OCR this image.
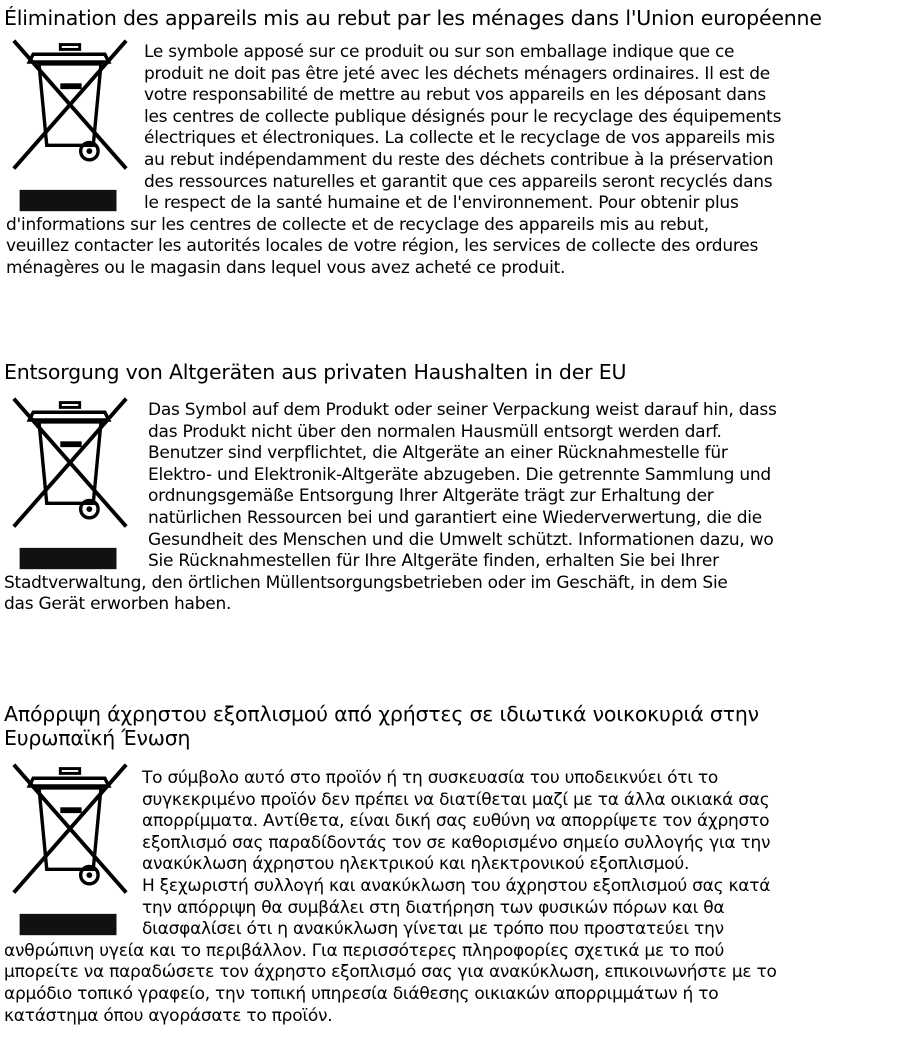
Élimination des appareils mis au rebut par les ménages dans l'Union européenne
Le symbole apposé sur ce produit ou sur son emballage indique que ce
produit ne doit pas être jeté avec les déchets ménagers ordinaires. Il est de
votre responsabilité de mettre au rebut vos appareils en les déposant dans
les centres de collecte publique désignés pour le recyclage des équipements
électriques et électroniques. La collecte et le recyclage de vos appareils mis
au rebut indépendamment du reste des déchets contribue à la préservation
des ressources naturelles et garantit que ces appareils seront recyclés dans
le respect de la santé humaine et de l'environnement. Pour obtenir plus
d'informations sur les centres de collecte et de recyclage des appareils mis au rebut,
veuillez contacter les autorités locales de votre région, les services de collecte des ordures
ménagères ou le magasin dans lequel vous avez acheté ce produit.
Entsorgung von Altgeräten aus privaten Haushalten in der EU
Das Symbol auf dem Produkt oder seiner Verpackung weist darauf hin, dass
das Produkt nicht über den normalen Hausmüll entsorgt werden darf.
Benutzer sind verpflichtet, die Altgeräte an einer Rücknahmestelle für
Elektro- und Elektronik-Altgeräte abzugeben. Die getrennte Sammlung und
ordnungsgemäße Entsorgung Ihrer Altgeräte trägt zur Erhaltung der
natürlichen Ressourcen bei und garantiert eine Wiederverwertung, die die
Gesundheit des Menschen und die Umwelt schützt. Informationen dazu, wo
Sie Rücknahmestellen für Ihre Altgeräte finden, erhalten Sie bei Ihrer
Stadtverwaltung, den örtlichen Müllentsorgungsbetrieben oder im Geschäft, in dem Sie
das Gerät erworben haben.
Απόρριψη άχρηστου εξοπλισμού από χρήστες σε ιδιωτικά νοικοκυριά στην
Ευρωπαϊκή Ένωση
Το σύμβολο αυτό στο προϊόν ή τη συσκευασία του υποδεικνύει ότι το
συγκεκριμένο προϊόν δεν πρέπει να διατίθεται μαζί με τα άλλα οικιακά σας
απορρίμματα. Αντίθετα, είναι δική σας ευθύνη να απορρίψετε τον άχρηστο
εξοπλισμό σας παραδίδοντάς τον σε καθορισμένο σημείο συλλογής για την
ανακύκλωση άχρηστου ηλεκτρικού και ηλεκτρονικού εξοπλισμού.
Η ξεχωριστή συλλογή και ανακύκλωση του άχρηστου εξοπλισμού σας κατά
την απόρριψη θα συμβάλει στη διατήρηση των φυσικών πόρων και θα
διασφαλίσει ότι η ανακύκλωση γίνεται με τρόπο που προστατεύει την
ανθρώπινη υγεία και το περιβάλλον. Για περισσότερες πληροφορίες σχετικά με το πού
μπορείτε να παραδώσετε τον άχρηστο εξοπλισμό σας για ανακύκλωση, επικοινωνήστε με το
αρμόδιο τοπικό γραφείο, την τοπική υπηρεσία διάθεσης οικιακών απορριμμάτων ή το
κατάστημα όπου αγοράσατε το προϊόν.
